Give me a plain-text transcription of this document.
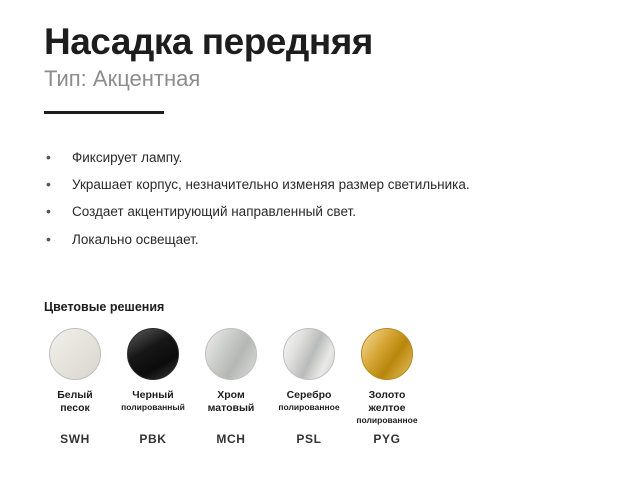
Насадка передняя
Тип: Акцентная
• Фиксирует лампу.
• Украшает корпус, незначительно изменяя размер светильника.
• Создает акцентирующий направленный свет.
• Локально освещает.
Цветовые решения
Белый
песок
Черный
полированный
Хром
матовый
Серебро
полированное
Золото
желтое
полированное
SWH	PBK	MCH	PSL	PYG
